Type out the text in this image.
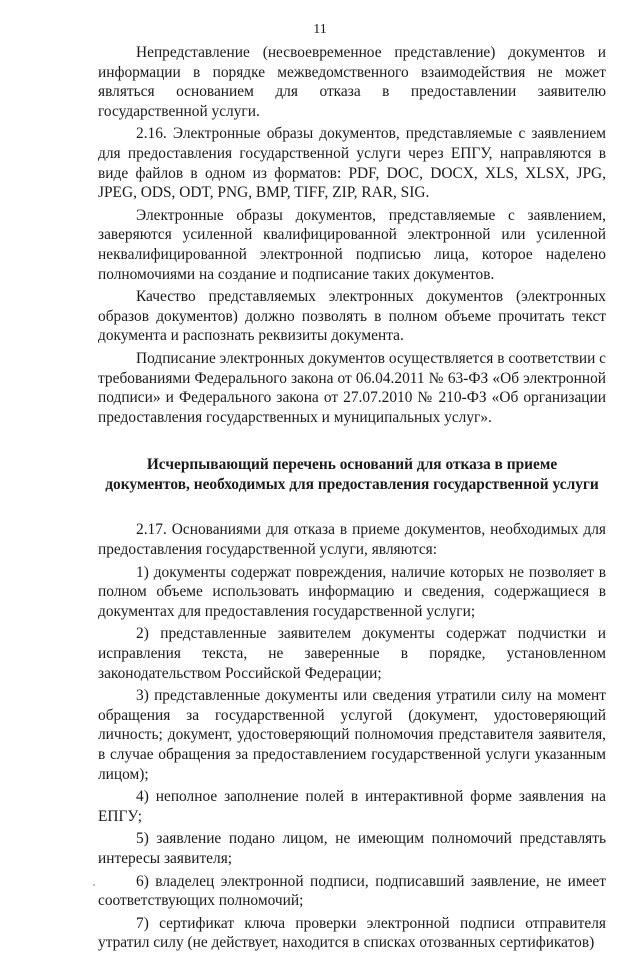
11

Непредставление (несвоевременное представление) документов и информации в порядке межведомственного взаимодействия не может являться основанием для отказа в предоставлении заявителю государственной услуги.

2.16. Электронные образы документов, представляемые с заявлением для предоставления государственной услуги через ЕПГУ, направляются в виде файлов в одном из форматов: PDF, DOC, DOCX, XLS, XLSX, JPG, JPEG, ODS, ODT, PNG, BMP, TIFF, ZIP, RAR, SIG.

Электронные образы документов, представляемые с заявлением, заверяются усиленной квалифицированной электронной или усиленной неквалифицированной электронной подписью лица, которое наделено полномочиями на создание и подписание таких документов.

Качество представляемых электронных документов (электронных образов документов) должно позволять в полном объеме прочитать текст документа и распознать реквизиты документа.

Подписание электронных документов осуществляется в соответствии с требованиями Федерального закона от 06.04.2011 № 63-ФЗ «Об электронной подписи» и Федерального закона от 27.07.2010 № 210-ФЗ «Об организации предоставления государственных и муниципальных услуг».

Исчерпывающий перечень оснований для отказа в приеме
документов, необходимых для предоставления государственной услуги

2.17. Основаниями для отказа в приеме документов, необходимых для предоставления государственной услуги, являются:

1) документы содержат повреждения, наличие которых не позволяет в полном объеме использовать информацию и сведения, содержащиеся в документах для предоставления государственной услуги;

2) представленные заявителем документы содержат подчистки и исправления текста, не заверенные в порядке, установленном законодательством Российской Федерации;

3) представленные документы или сведения утратили силу на момент обращения за государственной услугой (документ, удостоверяющий личность; документ, удостоверяющий полномочия представителя заявителя, в случае обращения за предоставлением государственной услуги указанным лицом);

4) неполное заполнение полей в интерактивной форме заявления на ЕПГУ;

5) заявление подано лицом, не имеющим полномочий представлять интересы заявителя;

6) владелец электронной подписи, подписавший заявление, не имеет соответствующих полномочий;

7) сертификат ключа проверки электронной подписи отправителя утратил силу (не действует, находится в списках отозванных сертификатов)
